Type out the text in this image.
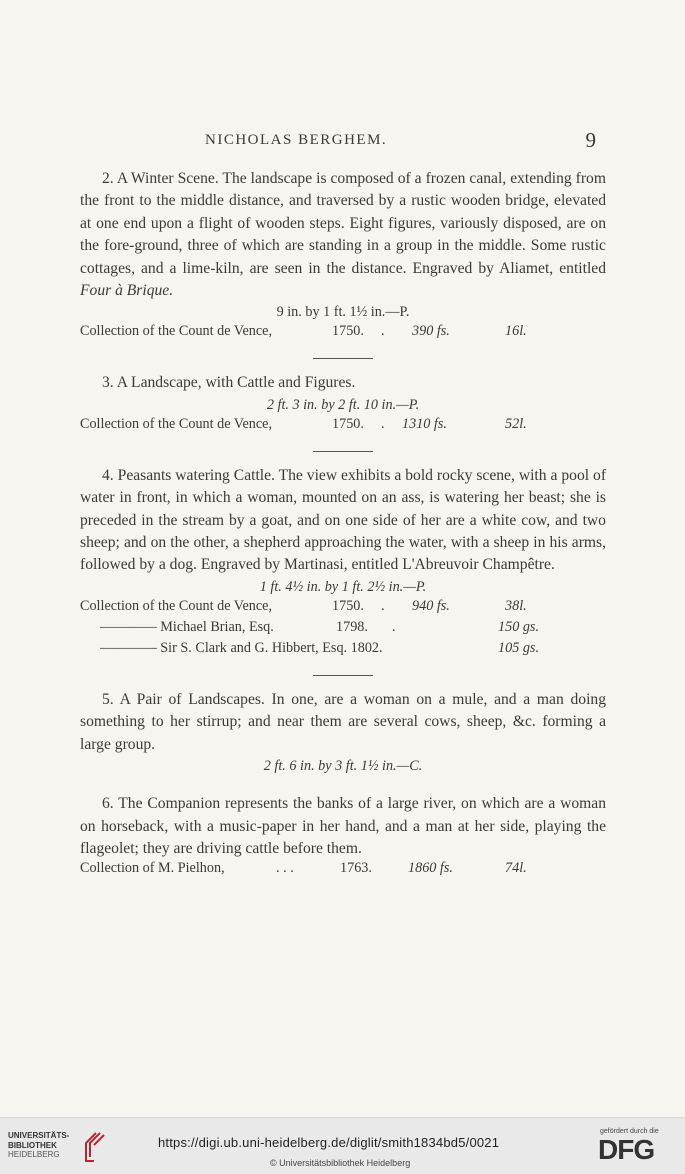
NICHOLAS BERGHEM.	9

2. A Winter Scene. The landscape is composed of a frozen canal, extending from the front to the middle distance, and traversed by a rustic wooden bridge, elevated at one end upon a flight of wooden steps. Eight figures, variously disposed, are on the fore-ground, three of which are standing in a group in the middle. Some rustic cottages, and a lime-kiln, are seen in the distance. Engraved by Aliamet, entitled Four à Brique.

9 in. by 1 ft. 1½ in.—P.
Collection of the Count de Vence,	1750. . 390 fs.	16l.

3. A Landscape, with Cattle and Figures.

2 ft. 3 in. by 2 ft. 10 in.—P.
Collection of the Count de Vence,	1750. . 1310 fs.	52l.

4. Peasants watering Cattle. The view exhibits a bold rocky scene, with a pool of water in front, in which a woman, mounted on an ass, is watering her beast; she is preceded in the stream by a goat, and on one side of her are a white cow, and two sheep; and on the other, a shepherd approaching the water, with a sheep in his arms, followed by a dog. Engraved by Martinasi, entitled L'Abreuvoir Champêtre.

1 ft. 4½ in. by 1 ft. 2½ in.—P.
Collection of the Count de Vence,	1750. . 940 fs.	38l.
———— Michael Brian, Esq.	1798. .	150 gs.
———— Sir S. Clark and G. Hibbert, Esq. 1802.	105 gs.

5. A Pair of Landscapes. In one, are a woman on a mule, and a man doing something to her stirrup; and near them are several cows, sheep, &c. forming a large group.

2 ft. 6 in. by 3 ft. 1½ in.—C.

6. The Companion represents the banks of a large river, on which are a woman on horseback, with a music-paper in her hand, and a man at her side, playing the flageolet; they are driving cattle before them.

Collection of M. Pielhon,	. . .	1763.	1860 fs.	74l.
UNIVERSITÄTS-
BIBLIOTHEK
HEIDELBERG
https://digi.ub.uni-heidelberg.de/diglit/smith1834bd5/0021
© Universitätsbibliothek Heidelberg
gefördert durch die
DFG
